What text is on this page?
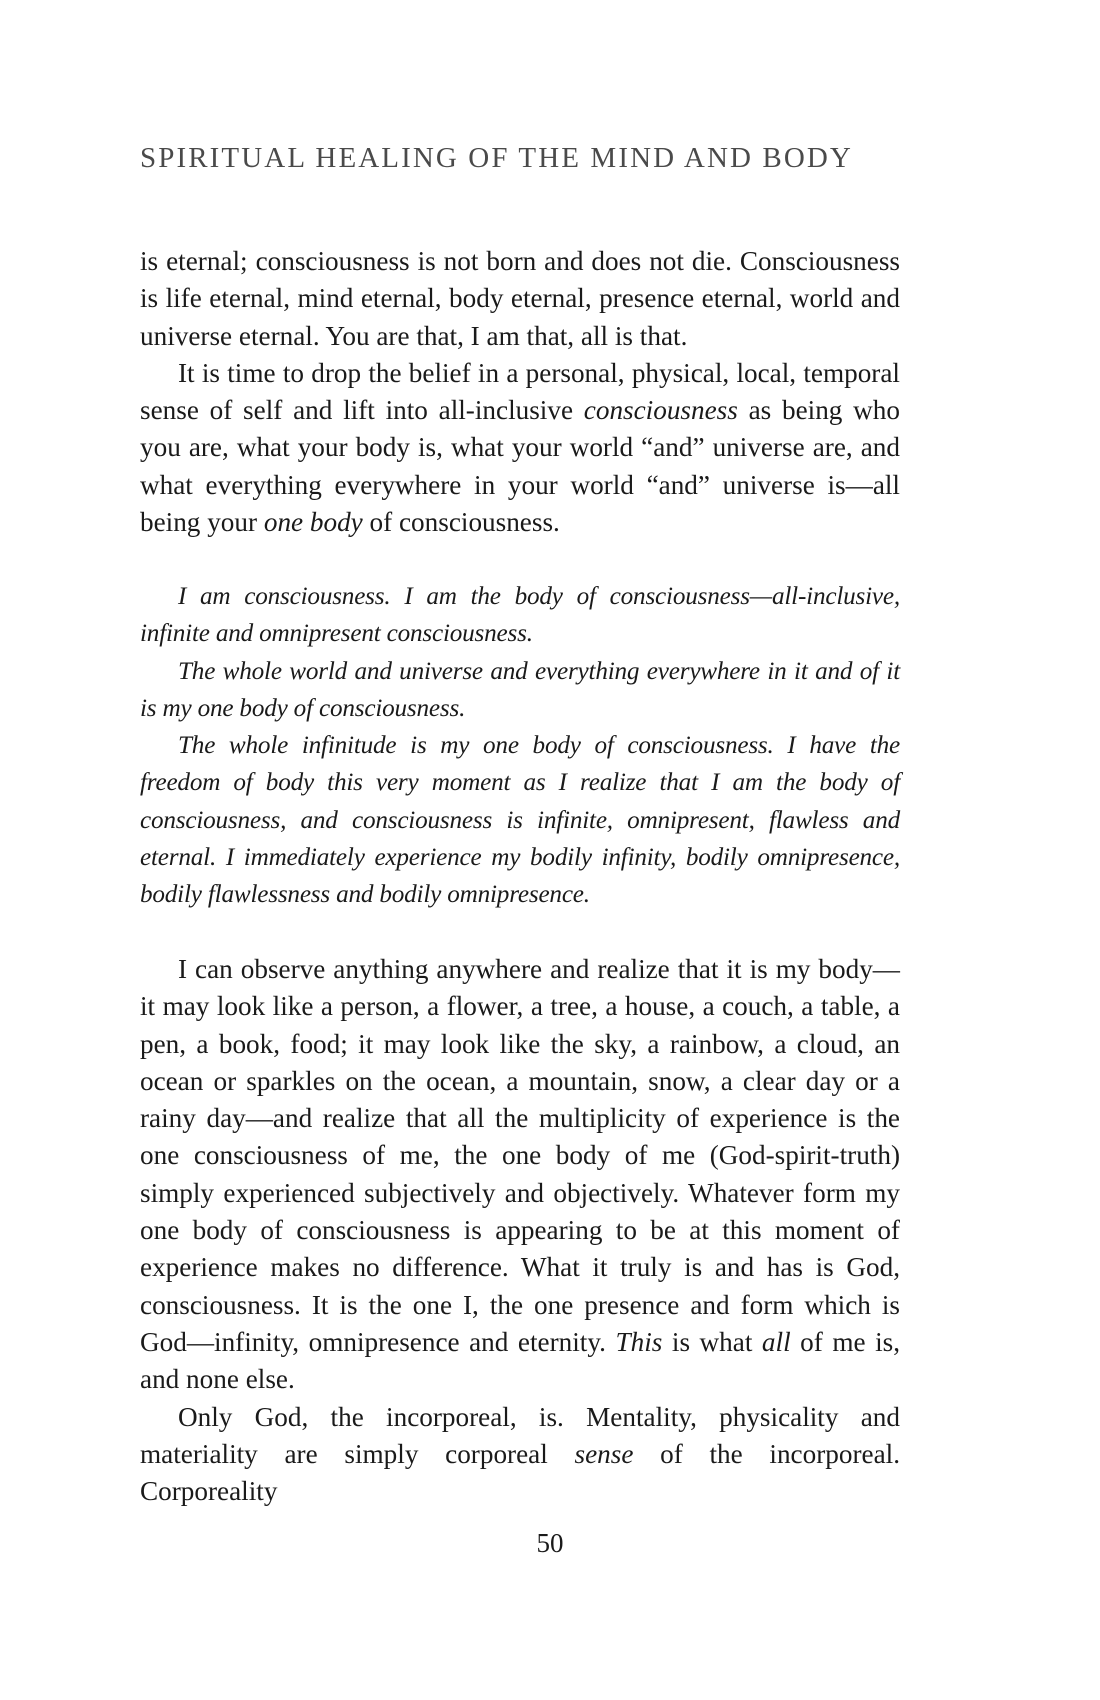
SPIRITUAL HEALING OF THE MIND AND BODY

is eternal; consciousness is not born and does not die. Consciousness is life eternal, mind eternal, body eternal, presence eternal, world and universe eternal. You are that, I am that, all is that.

It is time to drop the belief in a personal, physical, local, temporal sense of self and lift into all-inclusive consciousness as being who you are, what your body is, what your world “and” universe are, and what everything everywhere in your world “and” universe is—all being your one body of consciousness.

I am consciousness. I am the body of consciousness—all-inclusive, infinite and omnipresent consciousness.

The whole world and universe and everything everywhere in it and of it is my one body of consciousness.

The whole infinitude is my one body of consciousness. I have the freedom of body this very moment as I realize that I am the body of consciousness, and consciousness is infinite, omnipresent, flawless and eternal. I immediately experience my bodily infinity, bodily omnipresence, bodily flawlessness and bodily omnipresence.

I can observe anything anywhere and realize that it is my body—it may look like a person, a flower, a tree, a house, a couch, a table, a pen, a book, food; it may look like the sky, a rainbow, a cloud, an ocean or sparkles on the ocean, a mountain, snow, a clear day or a rainy day—and realize that all the multiplicity of experience is the one consciousness of me, the one body of me (God-spirit-truth) simply experienced subjectively and objectively. Whatever form my one body of consciousness is appearing to be at this moment of experience makes no difference. What it truly is and has is God, consciousness. It is the one I, the one presence and form which is God—infinity, omnipresence and eternity. This is what all of me is, and none else.

Only God, the incorporeal, is. Mentality, physicality and materiality are simply corporeal sense of the incorporeal. Corporeality

50
